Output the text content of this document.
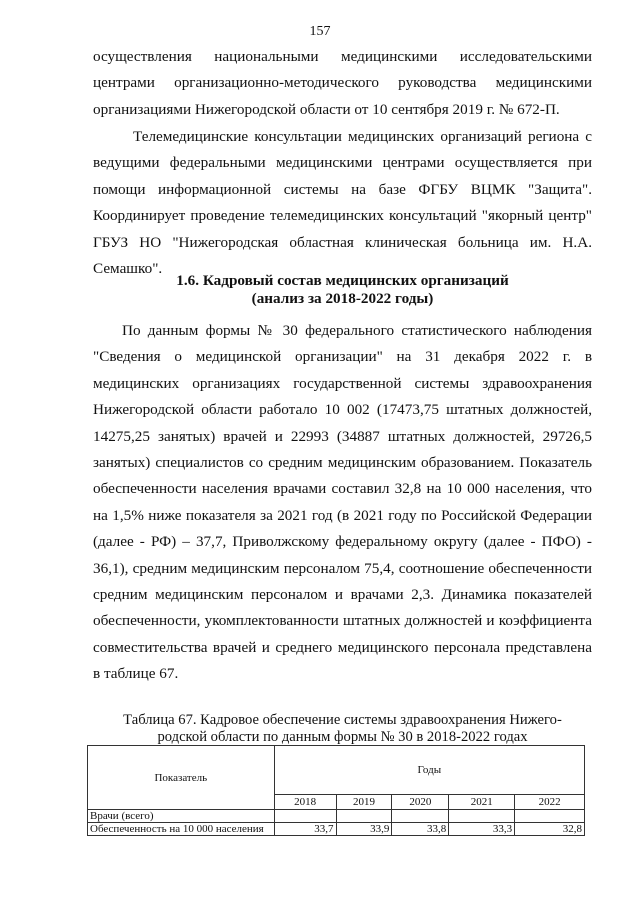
157

осуществления национальными медицинскими исследовательскими центрами организационно-методического руководства медицинскими организациями Нижегородской области от 10 сентября 2019 г. № 672-П.

Телемедицинские консультации медицинских организаций региона с ведущими федеральными медицинскими центрами осуществляется при помощи информационной системы на базе ФГБУ ВЦМК "Защита". Координирует проведение телемедицинских консультаций "якорный центр" ГБУЗ НО "Нижегородская областная клиническая больница им. Н.А. Семашко".

1.6. Кадровый состав медицинских организаций
(анализ за 2018-2022 годы)

По данным формы № 30 федерального статистического наблюдения "Сведения о медицинской организации" на 31 декабря 2022 г. в медицинских организациях государственной системы здравоохранения Нижегородской области работало 10 002 (17473,75 штатных должностей, 14275,25 занятых) врачей и 22993 (34887 штатных должностей, 29726,5 занятых) специалистов со средним медицинским образованием. Показатель обеспеченности населения врачами составил 32,8 на 10 000 населения, что на 1,5% ниже показателя за 2021 год (в 2021 году по Российской Федерации (далее - РФ) – 37,7, Приволжскому федеральному округу (далее - ПФО) - 36,1), средним медицинским персоналом 75,4, соотношение обеспеченности средним медицинским персоналом и врачами 2,3. Динамика показателей обеспеченности, укомплектованности штатных должностей и коэффициента совместительства врачей и среднего медицинского персонала представлена в таблице 67.

Таблица 67. Кадровое обеспечение системы здравоохранения Нижего-
родской области по данным формы № 30 в 2018-2022 годах
Показатель	Годы				
	2018	2019	2020	2021	2022
Врачи (всего)					
Обеспеченность на 10 000 населения	33,7	33,9	33,8	33,3	32,8
